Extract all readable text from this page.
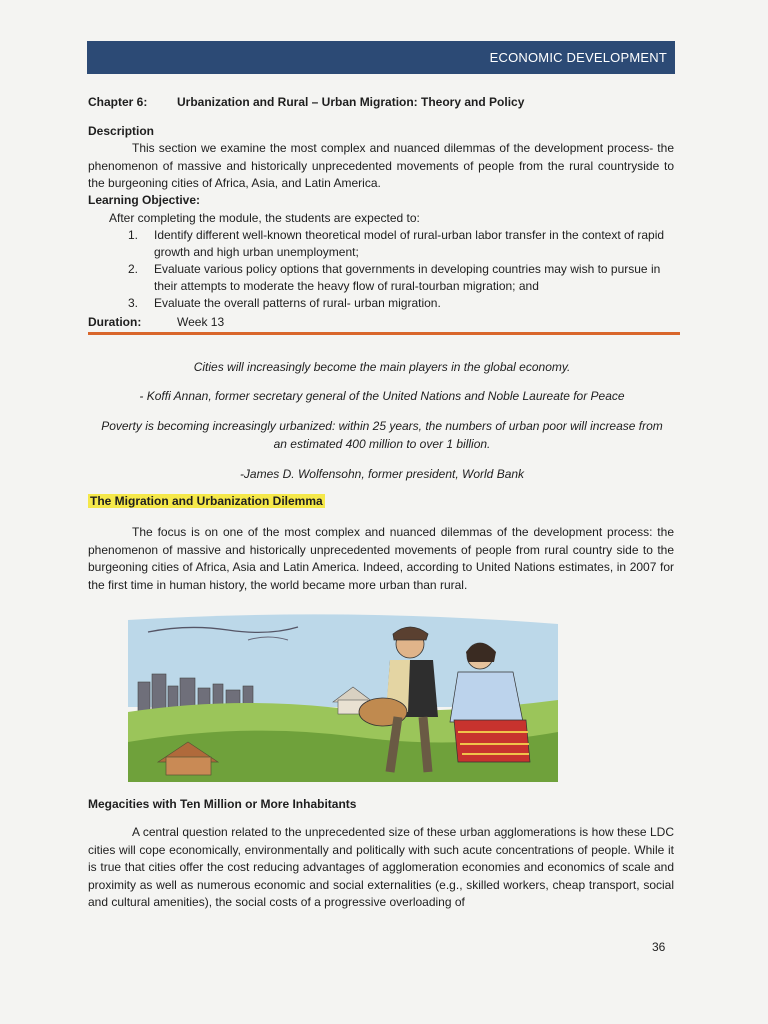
ECONOMIC DEVELOPMENT
Chapter 6: Urbanization and Rural – Urban Migration: Theory and Policy
Description

This section we examine the most complex and nuanced dilemmas of the development process- the phenomenon of massive and historically unprecedented movements of people from the rural countryside to the burgeoning cities of Africa, Asia, and Latin America.

Learning Objective:
After completing the module, the students are expected to:
1. Identify different well-known theoretical model of rural-urban labor transfer in the context of rapid growth and high urban unemployment;
2. Evaluate various policy options that governments in developing countries may wish to pursue in their attempts to moderate the heavy flow of rural-tourban migration; and
3. Evaluate the overall patterns of rural- urban migration.
Duration:	Week 13
Cities will increasingly become the main players in the global economy.
- Koffi Annan, former secretary general of the United Nations and Noble Laureate for Peace
Poverty is becoming increasingly urbanized: within 25 years, the numbers of urban poor will increase from an estimated 400 million to over 1 billion.
-James D. Wolfensohn, former president, World Bank
The Migration and Urbanization Dilemma

The focus is on one of the most complex and nuanced dilemmas of the development process: the phenomenon of massive and historically unprecedented movements of people from rural country side to the burgeoning cities of Africa, Asia and Latin America. Indeed, according to United Nations estimates, in 2007 for the first time in human history, the world became more urban than rural.

Megacities with Ten Million or More Inhabitants

A central question related to the unprecedented size of these urban agglomerations is how these LDC cities will cope economically, environmentally and politically with such acute concentrations of people. While it is true that cities offer the cost reducing advantages of agglomeration economies and economics of scale and proximity as well as numerous economic and social externalities (e.g., skilled workers, cheap transport, social and cultural amenities), the social costs of a progressive overloading of

36
